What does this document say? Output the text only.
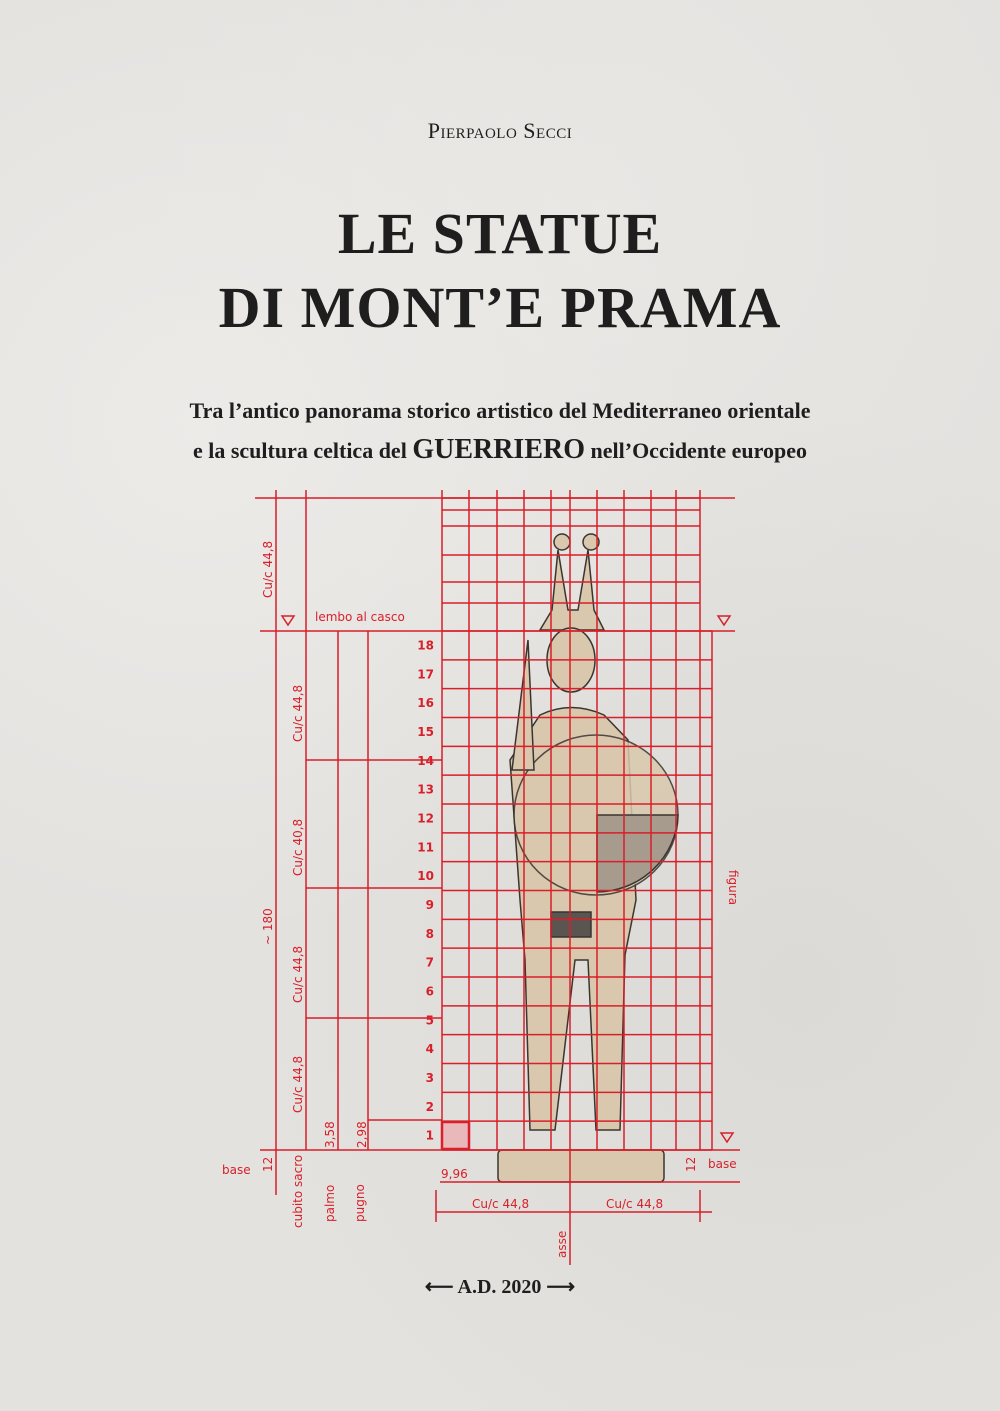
Pierpaolo Secci
LE STATUE
DI MONT’E PRAMA
Tra l’antico panorama storico artistico del Mediterraneo orientale
e la scultura celtica del GUERRIERO nell’Occidente europeo
lembo al casco
Cu/c 44,8
Cu/c 44,8
Cu/c 40,8
~ 180
Cu/c 44,8
Cu/c 44,8
3,58 2,98
cubito sacro palmo pugno
base 12
9,96
Cu/c 44,8	Cu/c 44,8
asse
12 base
figura
1
2
3
4
5
6
7
8
9
10
11
12
13
14
15
16
17
18
⟵ A.D. 2020 ⟶
